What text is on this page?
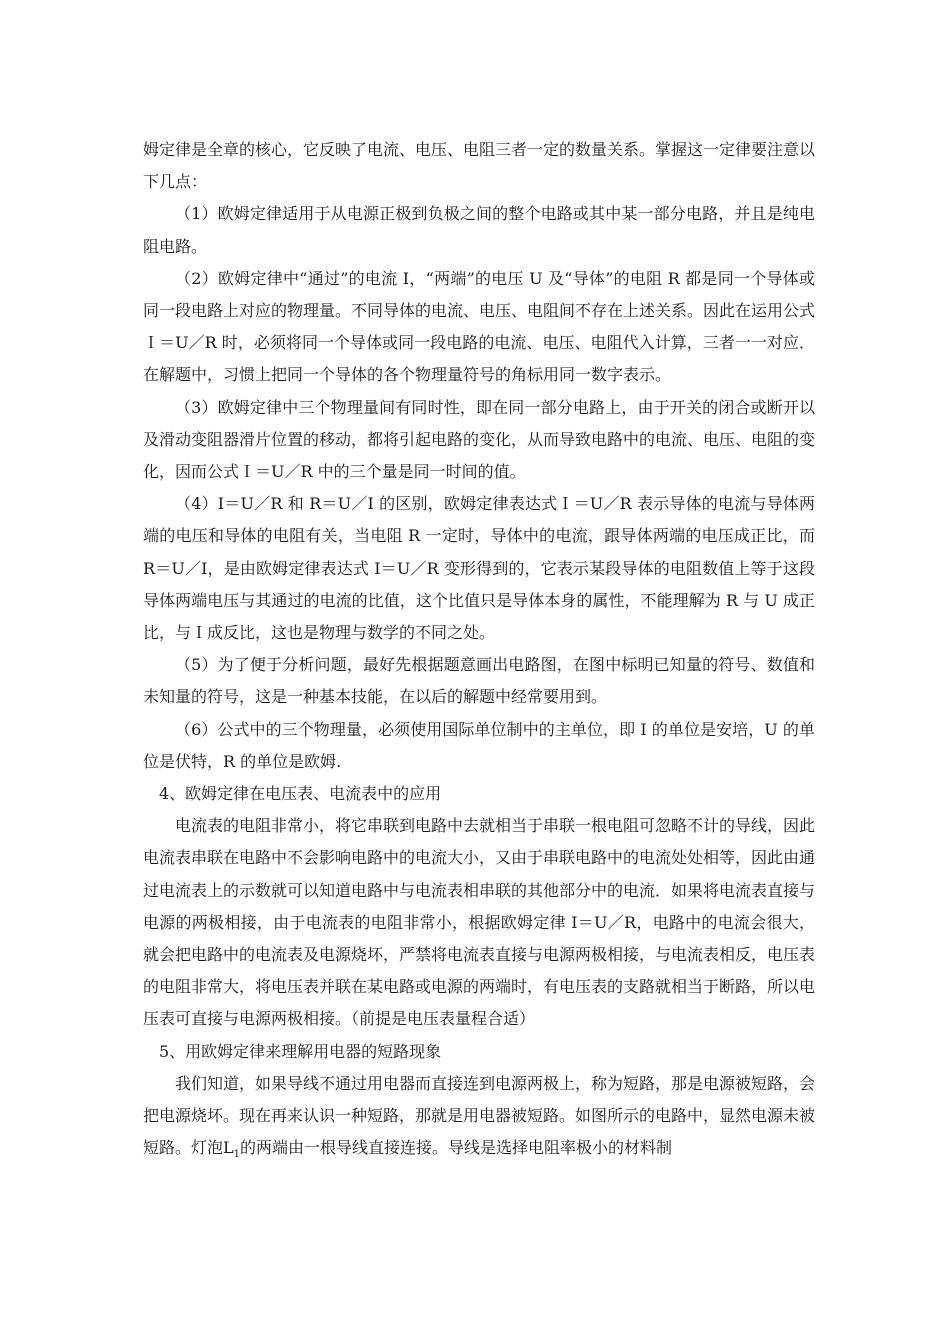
姆定律是全章的核心，它反映了电流、电压、电阻三者一定的数量关系。掌握这一定律要注意以下几点：

（1）欧姆定律适用于从电源正极到负极之间的整个电路或其中某一部分电路，并且是纯电阻电路。

（2）欧姆定律中“通过”的电流 I，“两端”的电压 U 及“导体”的电阻 R 都是同一个导体或同一段电路上对应的物理量。不同导体的电流、电压、电阻间不存在上述关系。因此在运用公式Ｉ＝U／R 时，必须将同一个导体或同一段电路的电流、电压、电阻代入计算，三者一一对应．在解题中，习惯上把同一个导体的各个物理量符号的角标用同一数字表示。

（3）欧姆定律中三个物理量间有同时性，即在同一部分电路上，由于开关的闭合或断开以及滑动变阻器滑片位置的移动，都将引起电路的变化，从而导致电路中的电流、电压、电阻的变化，因而公式Ｉ＝U／R 中的三个量是同一时间的值。

（4）I＝U／R 和 R＝U／I 的区别，欧姆定律表达式Ｉ＝U／R 表示导体的电流与导体两端的电压和导体的电阻有关，当电阻 R 一定时，导体中的电流，跟导体两端的电压成正比，而 R＝U／I，是由欧姆定律表达式 I＝U／R 变形得到的，它表示某段导体的电阻数值上等于这段导体两端电压与其通过的电流的比值，这个比值只是导体本身的属性，不能理解为 R 与 U 成正比，与Ｉ成反比，这也是物理与数学的不同之处。

（5）为了便于分析问题，最好先根据题意画出电路图，在图中标明已知量的符号、数值和未知量的符号，这是一种基本技能，在以后的解题中经常要用到。

（6）公式中的三个物理量，必须使用国际单位制中的主单位，即 I 的单位是安培，U 的单位是伏特，R 的单位是欧姆.

4、欧姆定律在电压表、电流表中的应用

电流表的电阻非常小，将它串联到电路中去就相当于串联一根电阻可忽略不计的导线，因此电流表串联在电路中不会影响电路中的电流大小，又由于串联电路中的电流处处相等，因此由通过电流表上的示数就可以知道电路中与电流表相串联的其他部分中的电流．如果将电流表直接与电源的两极相接，由于电流表的电阻非常小，根据欧姆定律 I＝U／R，电路中的电流会很大，就会把电路中的电流表及电源烧坏，严禁将电流表直接与电源两极相接，与电流表相反，电压表的电阻非常大，将电压表并联在某电路或电源的两端时，有电压表的支路就相当于断路，所以电压表可直接与电源两极相接。（前提是电压表量程合适）

5、用欧姆定律来理解用电器的短路现象

我们知道，如果导线不通过用电器而直接连到电源两极上，称为短路，那是电源被短路，会把电源烧坏。现在再来认识一种短路，那就是用电器被短路。如图所示的电路中，显然电源未被短路。灯泡$L_1$的两端由一根导线直接连接。导线是选择电阻率极小的材料制
